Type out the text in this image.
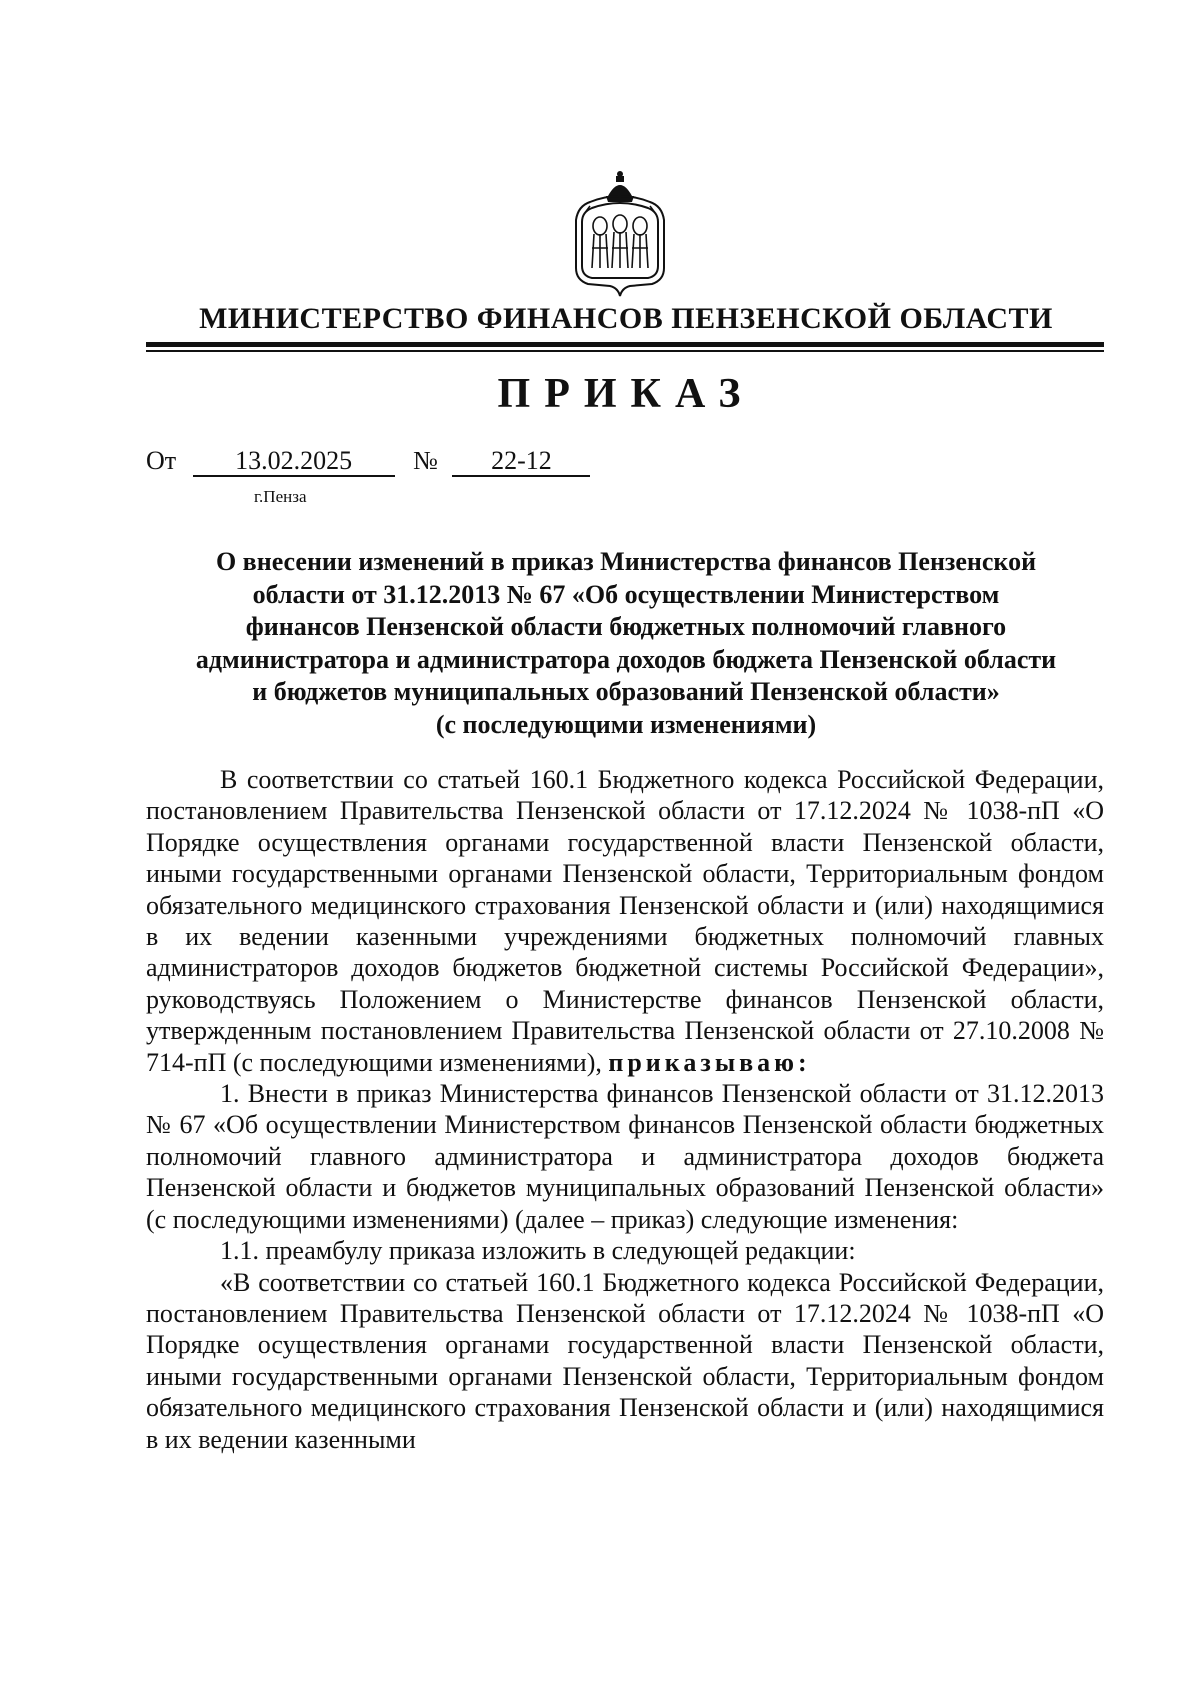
МИНИСТЕРСТВО ФИНАНСОВ ПЕНЗЕНСКОЙ ОБЛАСТИ
ПРИКАЗ
От 13.02.2025 № 22-12
г.Пенза
О внесении изменений в приказ Министерства финансов Пензенской
области от 31.12.2013 № 67 «Об осуществлении Министерством
финансов Пензенской области бюджетных полномочий главного
администратора и администратора доходов бюджета Пензенской области
и бюджетов муниципальных образований Пензенской области»
(с последующими изменениями)

В соответствии со статьей 160.1 Бюджетного кодекса Российской Федерации, постановлением Правительства Пензенской области от 17.12.2024 № 1038-пП «О Порядке осуществления органами государственной власти Пензенской области, иными государственными органами Пензенской области, Территориальным фондом обязательного медицинского страхования Пензенской области и (или) находящимися в их ведении казенными учреждениями бюджетных полномочий главных администраторов доходов бюджетов бюджетной системы Российской Федерации», руководствуясь Положением о Министерстве финансов Пензенской области, утвержденным постановлением Правительства Пензенской области от 27.10.2008 № 714-пП (с последующими изменениями), приказываю:

1. Внести в приказ Министерства финансов Пензенской области от 31.12.2013 № 67 «Об осуществлении Министерством финансов Пензенской области бюджетных полномочий главного администратора и администратора доходов бюджета Пензенской области и бюджетов муниципальных образований Пензенской области» (с последующими изменениями) (далее – приказ) следующие изменения:

1.1. преамбулу приказа изложить в следующей редакции:

«В соответствии со статьей 160.1 Бюджетного кодекса Российской Федерации, постановлением Правительства Пензенской области от 17.12.2024 № 1038-пП «О Порядке осуществления органами государственной власти Пензенской области, иными государственными органами Пензенской области, Территориальным фондом обязательного медицинского страхования Пензенской области и (или) находящимися в их ведении казенными
